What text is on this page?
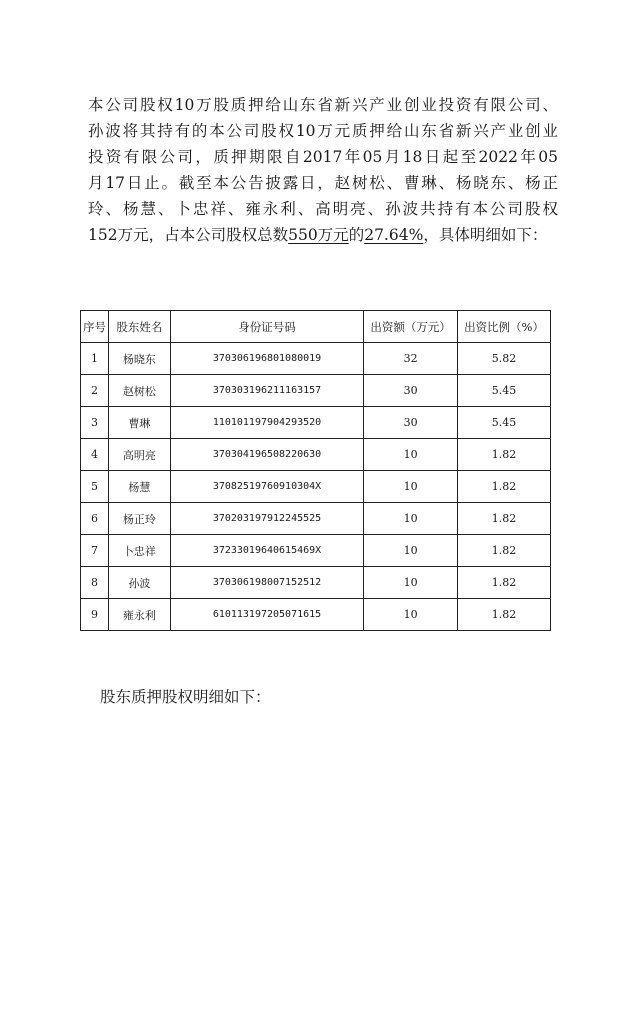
本公司股权10万股质押给山东省新兴产业创业投资有限公司、
孙波将其持有的本公司股权10万元质押给山东省新兴产业创业
投资有限公司，质押期限自2017年05月18日起至2022年05
月17日止。截至本公告披露日，赵树松、曹琳、杨晓东、杨正
玲、杨慧、卜忠祥、雍永利、高明亮、孙波共持有本公司股权
152万元，占本公司股权总数550万元的27.64%，具体明细如下：
序号	股东姓名	身份证号码	出资额（万元）	出资比例（%）
1	杨晓东	370306196801080019	32	5.82
2	赵树松	370303196211163157	30	5.45
3	曹琳	110101197904293520	30	5.45
4	高明亮	370304196508220630	10	1.82
5	杨慧	37082519760910304X	10	1.82
6	杨正玲	370203197912245525	10	1.82
7	卜忠祥	37233019640615469X	10	1.82
8	孙波	370306198007152512	10	1.82
9	雍永利	610113197205071615	10	1.82
股东质押股权明细如下：
